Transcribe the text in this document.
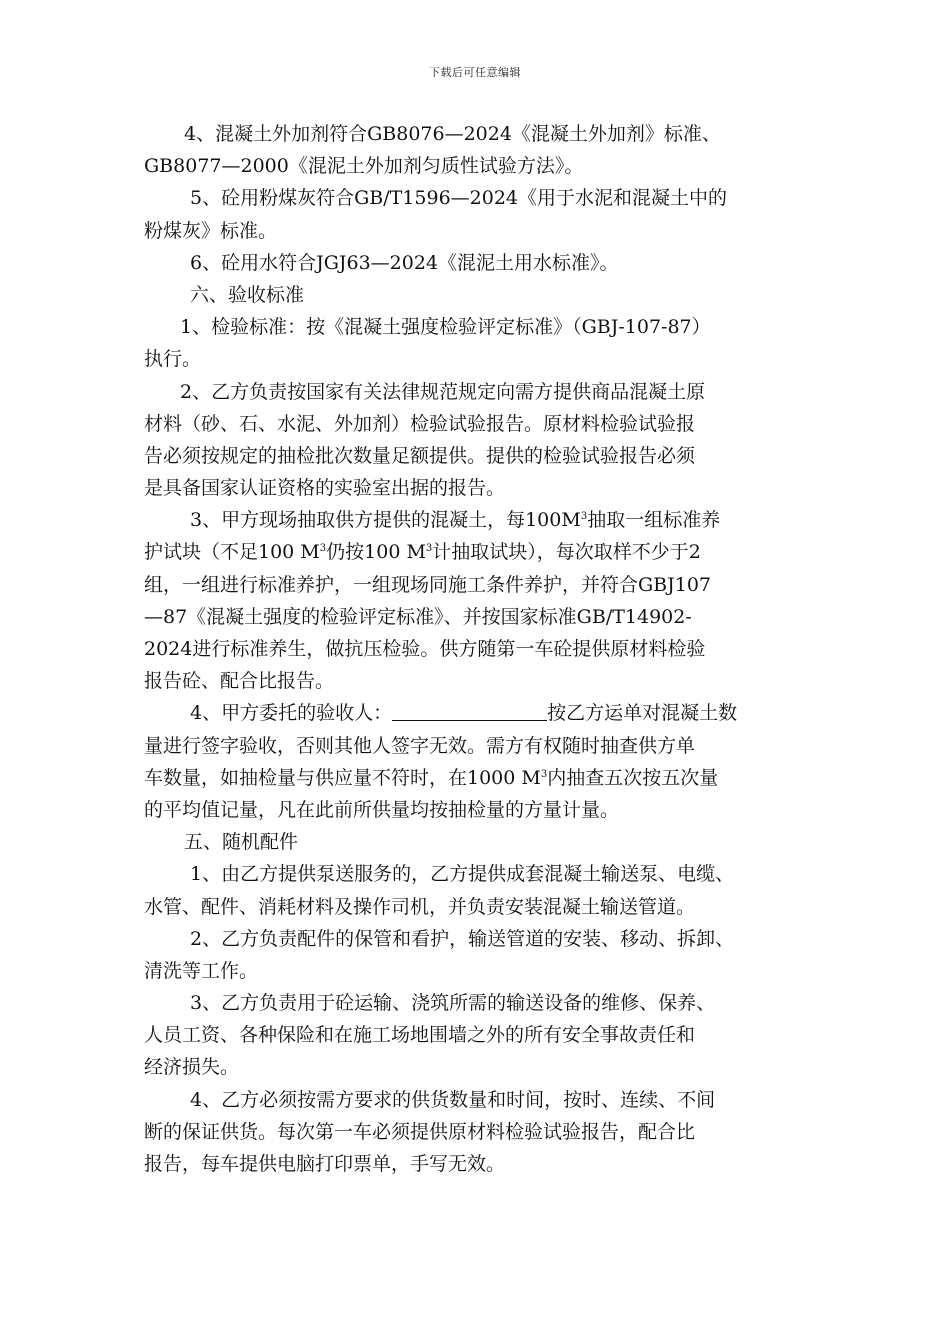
下载后可任意编辑
4、混凝土外加剂符合GB8076—2024《混凝土外加剂》标准、
GB8077—2000《混泥土外加剂匀质性试验方法》。
5、砼用粉煤灰符合GB/T1596—2024《用于水泥和混凝土中的
粉煤灰》标准。
6、砼用水符合JGJ63—2024《混泥土用水标准》。
六、验收标准
1、检验标准：按《混凝土强度检验评定标准》（GBJ-107-87）
执行。
2、乙方负责按国家有关法律规范规定向需方提供商品混凝土原
材料（砂、石、水泥、外加剂）检验试验报告。原材料检验试验报
告必须按规定的抽检批次数量足额提供。提供的检验试验报告必须
是具备国家认证资格的实验室出据的报告。
3、甲方现场抽取供方提供的混凝土，每$100M^3$抽取一组标准养
护试块（不足100 $M^3$仍按100 $M^3$计抽取试块），每次取样不少于2
组，一组进行标准养护，一组现场同施工条件养护，并符合GBJ107
—87《混凝土强度的检验评定标准》、并按国家标准GB/T14902-
2024进行标准养生，做抗压检验。供方随第一车砼提供原材料检验
报告砼、配合比报告。
4、甲方委托的验收人：	按乙方运单对混凝土数
量进行签字验收，否则其他人签字无效。需方有权随时抽查供方单
车数量，如抽检量与供应量不符时，在1000 $M^3$内抽查五次按五次量
的平均值记量，凡在此前所供量均按抽检量的方量计量。
五、随机配件
1、由乙方提供泵送服务的，乙方提供成套混凝土输送泵、电缆、
水管、配件、消耗材料及操作司机，并负责安装混凝土输送管道。
2、乙方负责配件的保管和看护，输送管道的安装、移动、拆卸、
清洗等工作。
3、乙方负责用于砼运输、浇筑所需的输送设备的维修、保养、
人员工资、各种保险和在施工场地围墙之外的所有安全事故责任和
经济损失。
4、乙方必须按需方要求的供货数量和时间，按时、连续、不间
断的保证供货。每次第一车必须提供原材料检验试验报告，配合比
报告，每车提供电脑打印票单，手写无效。
